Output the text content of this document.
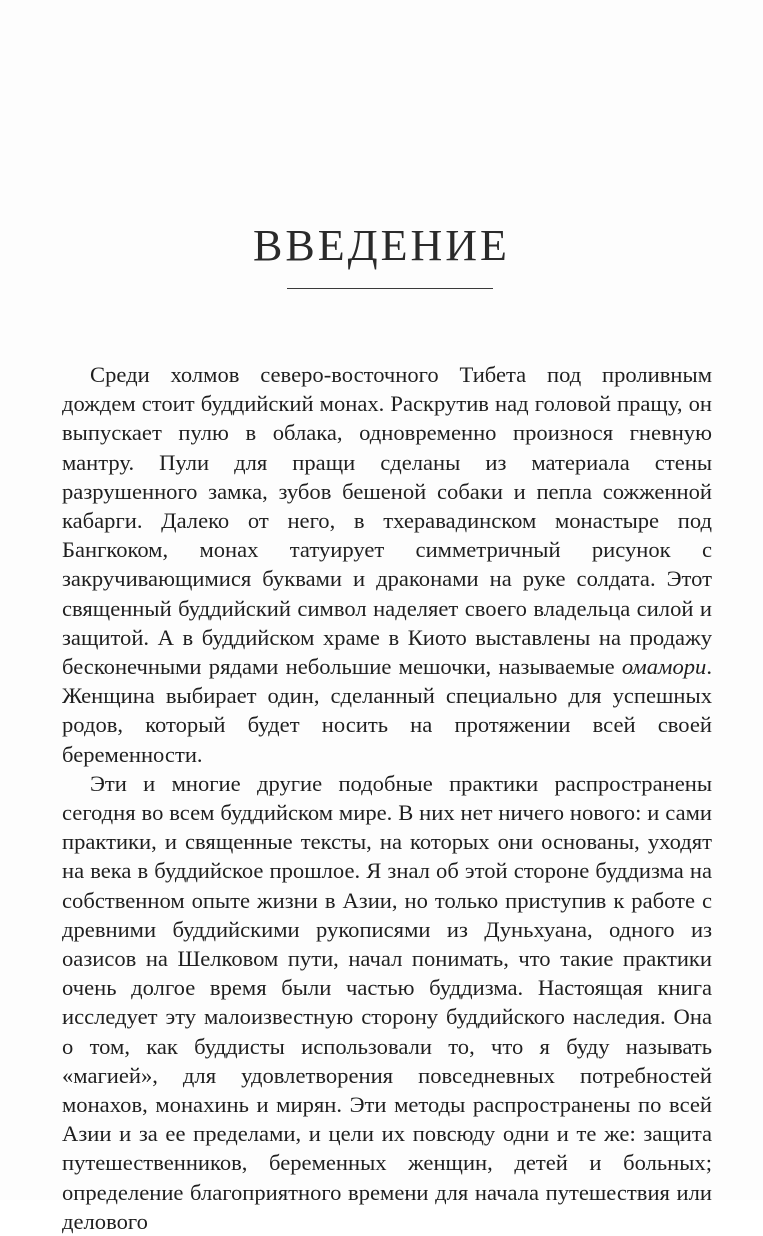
ВВЕДЕНИЕ

Среди холмов северо-восточного Тибета под проливным дождем стоит буддийский монах. Раскрутив над головой пращу, он выпускает пулю в облака, одновременно произнося гневную мантру. Пули для пращи сделаны из материала стены разрушенного замка, зубов бешеной собаки и пепла сожженной кабарги. Далеко от него, в тхеравадинском монастыре под Бангкоком, монах татуирует симметричный рисунок с закручивающимися буквами и драконами на руке солдата. Этот священный буддийский символ наделяет своего владельца силой и защитой. А в буддийском храме в Киото выставлены на продажу бесконечными рядами небольшие мешочки, называемые омамори. Женщина выбирает один, сделанный специально для успешных родов, который будет носить на протяжении всей своей беременности.

Эти и многие другие подобные практики распространены сегодня во всем буддийском мире. В них нет ничего нового: и сами практики, и священные тексты, на которых они основаны, уходят на века в буддийское прошлое. Я знал об этой стороне буддизма на собственном опыте жизни в Азии, но только приступив к работе с древними буддийскими рукописями из Дуньхуана, одного из оазисов на Шелковом пути, начал понимать, что такие практики очень долгое время были частью буддизма. Настоящая книга исследует эту малоизвестную сторону буддийского наследия. Она о том, как буддисты использовали то, что я буду называть «магией», для удовлетворения повседневных потребностей монахов, монахинь и мирян. Эти методы распространены по всей Азии и за ее пределами, и цели их повсюду одни и те же: защита путешественников, беременных женщин, детей и больных; определение благоприятного времени для начала путешествия или делового
